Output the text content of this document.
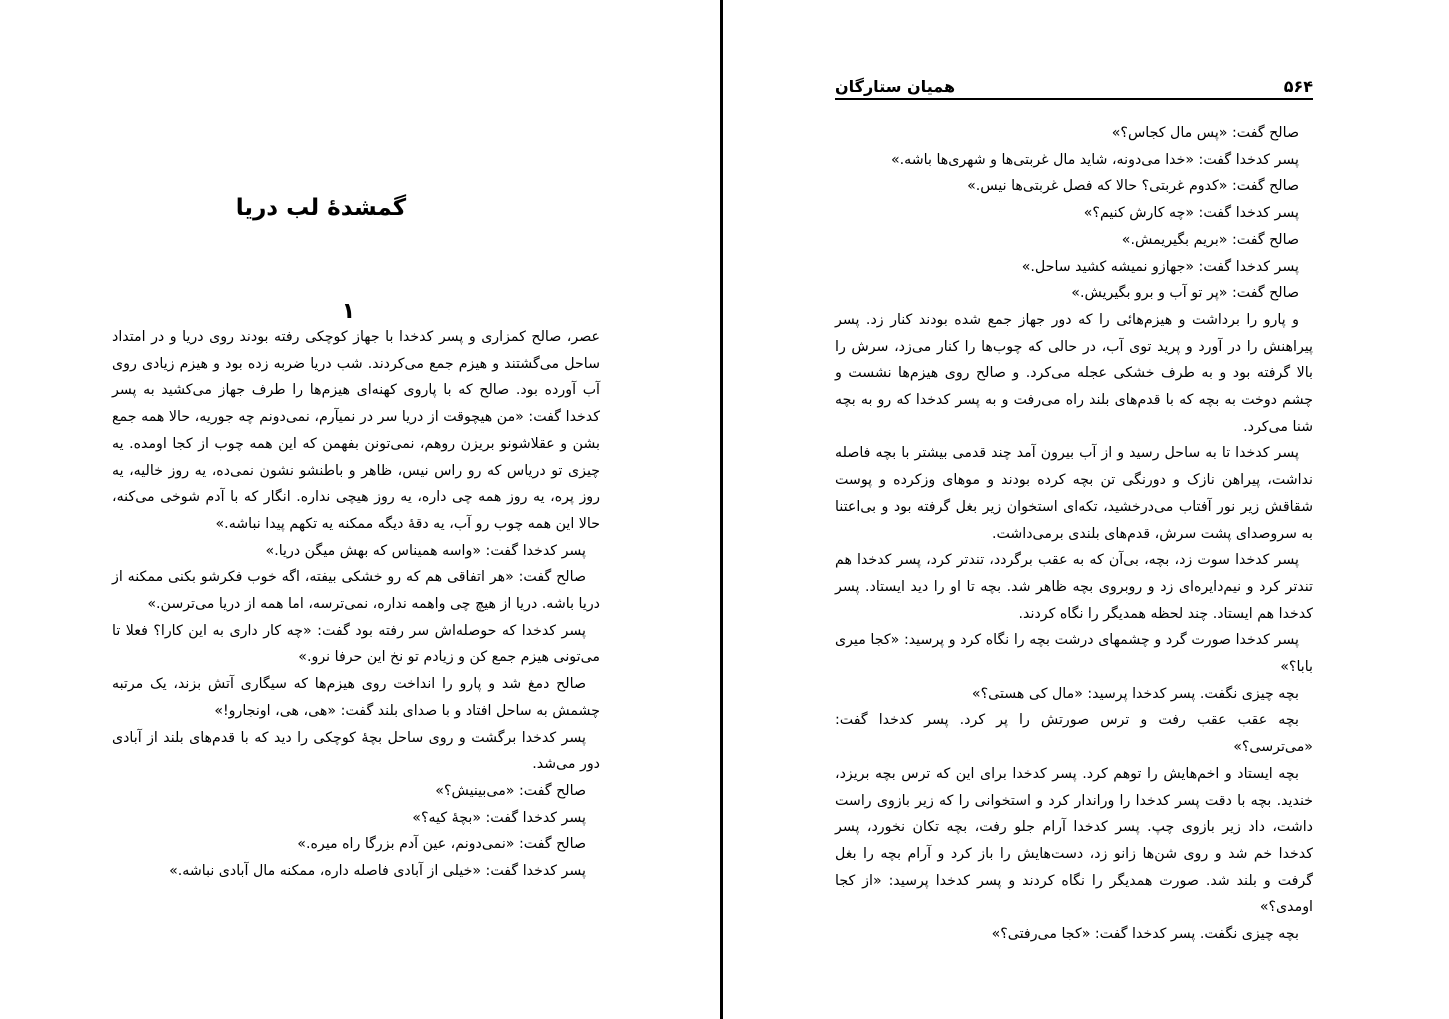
۵۶۴
همیان ستارگان

صالح گفت: «پس مال کجاس؟»

پسر کدخدا گفت: «خدا می‌دونه، شاید مال غربتی‌ها و شهری‌ها باشه.»

صالح گفت: «کدوم غربتی؟ حالا که فصل غربتی‌ها نیس.»

پسر کدخدا گفت: «چه کارش کنیم؟»

صالح گفت: «بریم بگیریمش.»

پسر کدخدا گفت: «جهازو نمیشه کشید ساحل.»

صالح گفت: «پر تو آب و برو بگیریش.»

و پارو را برداشت و هیزم‌هائی را که دور جهاز جمع شده بودند کنار زد. پسر پیراهنش را در آورد و پرید توی آب، در حالی که چوب‌ها را کنار می‌زد، سرش را بالا گرفته بود و به طرف خشکی عجله می‌کرد. و صالح روی هیزم‌ها نشست و چشم دوخت به بچه که با قدم‌های بلند راه می‌رفت و به پسر کدخدا که رو به بچه شنا می‌کرد.

پسر کدخدا تا به ساحل رسید و از آب بیرون آمد چند قدمی بیشتر با بچه فاصله نداشت، پیراهن نازک و دورنگی تن بچه کرده بودند و موهای وزکرده و پوست شقاقش زیر نور آفتاب می‌درخشید، تکه‌ای استخوان زیر بغل گرفته بود و بی‌اعتنا به سروصدای پشت سرش، قدم‌های بلندی برمی‌داشت.

پسر کدخدا سوت زد، بچه، بی‌آن که به عقب برگردد، تندتر کرد، پسر کدخدا هم تندتر کرد و نیم‌دایره‌ای زد و روبروی بچه ظاهر شد. بچه تا او را دید ایستاد. پسر کدخدا هم ایستاد. چند لحظه همدیگر را نگاه کردند.

پسر کدخدا صورت گرد و چشمهای درشت بچه را نگاه کرد و پرسید: «کجا میری بابا؟»

بچه چیزی نگفت. پسر کدخدا پرسید: «مال کی هستی؟»

بچه عقب عقب رفت و ترس صورتش را پر کرد. پسر کدخدا گفت: «می‌ترسی؟»

بچه ایستاد و اخم‌هایش را توهم کرد. پسر کدخدا برای این که ترس بچه بریزد، خندید. بچه با دقت پسر کدخدا را وراندار کرد و استخوانی را که زیر بازوی راست داشت، داد زیر بازوی چپ. پسر کدخدا آرام جلو رفت، بچه تکان نخورد، پسر کدخدا خم شد و روی شن‌ها زانو زد، دست‌هایش را باز کرد و آرام بچه را بغل گرفت و بلند شد. صورت همدیگر را نگاه کردند و پسر کدخدا پرسید: «از کجا اومدی؟»

بچه چیزی نگفت. پسر کدخدا گفت: «کجا می‌رفتی؟»

گمشدهٔ لب دریا
۱

عصر، صالح کمزاری و پسر کدخدا با جهاز کوچکی رفته بودند روی دریا و در امتداد ساحل می‌گشتند و هیزم جمع می‌کردند. شب دریا ضربه زده بود و هیزم زیادی روی آب آورده بود. صالح که با پاروی کهنه‌ای هیزم‌ها را طرف جهاز می‌کشید به پسر کدخدا گفت: «من هیچوقت از دریا سر در نمیآرم، نمی‌دونم چه جوریه، حالا همه جمع بشن و عقلاشونو بریزن روهم، نمی‌تونن بفهمن که این همه چوب از کجا اومده. یه چیزی تو دریاس که رو راس نیس، ظاهر و باطنشو نشون نمی‌ده، یه روز خالیه، یه روز پره، یه روز همه چی داره، یه روز هیچی نداره. انگار که با آدم شوخی می‌کنه، حالا این همه چوب رو آب، یه دقهٔ دیگه ممکنه یه تکهم پیدا نباشه.»

پسر کدخدا گفت: «واسه همیناس که بهش میگن دریا.»

صالح گفت: «هر اتفاقی هم که رو خشکی بیفته، اگه خوب فکرشو بکنی ممکنه از دریا باشه. دریا از هیچ چی واهمه نداره، نمی‌ترسه، اما همه از دریا می‌ترسن.»

پسر کدخدا که حوصله‌اش سر رفته بود گفت: «چه کار داری به این کارا؟ فعلا تا می‌تونی هیزم جمع کن و زیادم تو نخ این حرفا نرو.»

صالح دمغ شد و پارو را انداخت روی هیزم‌ها که سیگاری آتش بزند، یک مرتبه چشمش به ساحل افتاد و با صدای بلند گفت: «هی، هی، اونجارو!»

پسر کدخدا برگشت و روی ساحل بچهٔ کوچکی را دید که با قدم‌های بلند از آبادی دور می‌شد.

صالح گفت: «می‌بینیش؟»

پسر کدخدا گفت: «بچهٔ کیه؟»

صالح گفت: «نمی‌دونم، عین آدم بزرگا راه میره.»

پسر کدخدا گفت: «خیلی از آبادی فاصله داره، ممکنه مال آبادی نباشه.»
